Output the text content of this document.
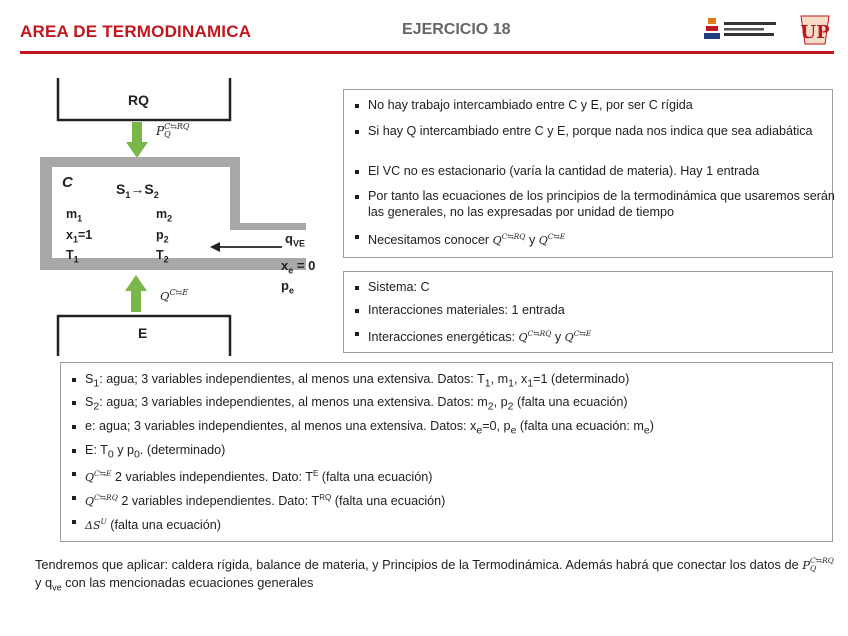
AREA DE TERMODINAMICA	EJERCICIO 18	UP
RQ
E
C	$S_1\to S_2$
$m_1$
$x_1=1$
$T_1$
$m_2$
$p_2$
$T_2$
$q_{VE}$
$x_e = 0$
$p_e$
P C⇆RQ
Q
$Q^{C⇆E}$
No hay trabajo intercambiado entre C y E, por ser C rígida
Si hay Q intercambiado entre C y E, porque nada nos indica que sea adiabática
El VC no es estacionario (varía la cantidad de materia). Hay 1 entrada
Por tanto las ecuaciones de los principios de la termodinámica que usaremos serán las generales, no las expresadas por unidad de tiempo
Necesitamos conocer $Q^{C⇆RQ}$ y $Q^{C⇆E}$
Sistema: C
Interacciones materiales: 1 entrada
Interacciones energéticas: $Q^{C⇆RQ}$ y $Q^{C⇆E}$
$S_1$: agua; 3 variables independientes, al menos una extensiva. Datos: $T_1$, $m_1$, $x_1=1$ (determinado)
$S_2$: agua; 3 variables independientes, al menos una extensiva. Datos: $m_2$, $p_2$ (falta una ecuación)
e: agua; 3 variables independientes, al menos una extensiva. Datos: $x_e=0$, $p_e$ (falta una ecuación: $m_e$)
E: $T_0$ y $p_0$. (determinado)
$Q^{C⇆E}$ 2 variables independientes. Dato: $T^E$ (falta una ecuación)
$Q^{C⇆RQ}$ 2 variables independientes. Dato: $T^{RQ}$ (falta una ecuación)
$\Delta S^U$ (falta una ecuación)
Tendremos que aplicar: caldera rígida, balance de materia, y Principios de la Termodinámica. Además habrá que conectar los datos de P C⇆RQ
Q
y $q_{ve}$ con las mencionadas ecuaciones generales
